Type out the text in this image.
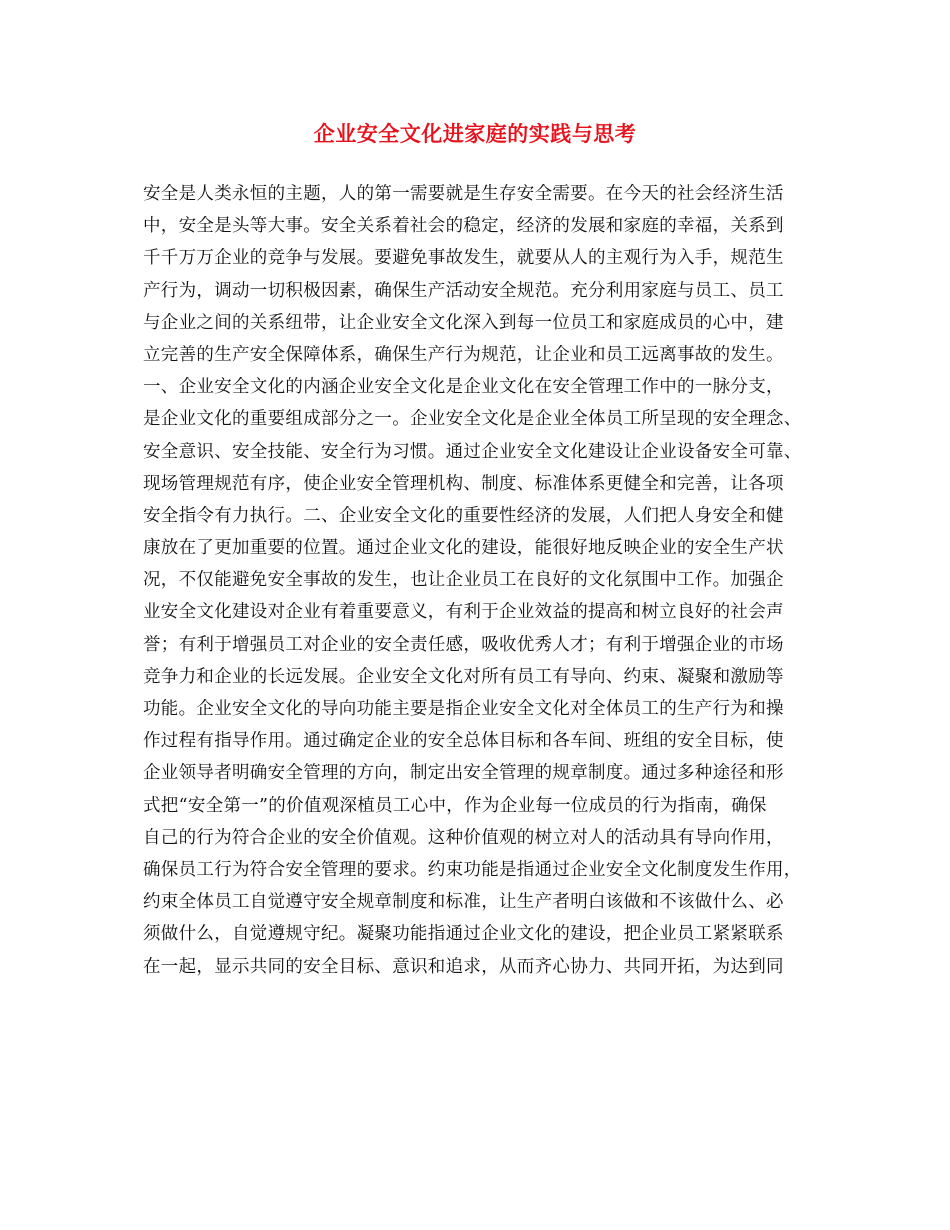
企业安全文化进家庭的实践与思考
安全是人类永恒的主题，人的第一需要就是生存安全需要。在今天的社会经济生活
中，安全是头等大事。安全关系着社会的稳定，经济的发展和家庭的幸福，关系到
千千万万企业的竞争与发展。要避免事故发生，就要从人的主观行为入手，规范生
产行为，调动一切积极因素，确保生产活动安全规范。充分利用家庭与员工、员工
与企业之间的关系纽带，让企业安全文化深入到每一位员工和家庭成员的心中，建
立完善的生产安全保障体系，确保生产行为规范，让企业和员工远离事故的发生。
一、企业安全文化的内涵企业安全文化是企业文化在安全管理工作中的一脉分支，
是企业文化的重要组成部分之一。企业安全文化是企业全体员工所呈现的安全理念、
安全意识、安全技能、安全行为习惯。通过企业安全文化建设让企业设备安全可靠、
现场管理规范有序，使企业安全管理机构、制度、标准体系更健全和完善，让各项
安全指令有力执行。二、企业安全文化的重要性经济的发展，人们把人身安全和健
康放在了更加重要的位置。通过企业文化的建设，能很好地反映企业的安全生产状
况，不仅能避免安全事故的发生，也让企业员工在良好的文化氛围中工作。加强企
业安全文化建设对企业有着重要意义，有利于企业效益的提高和树立良好的社会声
誉；有利于增强员工对企业的安全责任感，吸收优秀人才；有利于增强企业的市场
竞争力和企业的长远发展。企业安全文化对所有员工有导向、约束、凝聚和激励等
功能。企业安全文化的导向功能主要是指企业安全文化对全体员工的生产行为和操
作过程有指导作用。通过确定企业的安全总体目标和各车间、班组的安全目标，使
企业领导者明确安全管理的方向，制定出安全管理的规章制度。通过多种途径和形
式把“安全第一”的价值观深植员工心中，作为企业每一位成员的行为指南，确保
自己的行为符合企业的安全价值观。这种价值观的树立对人的活动具有导向作用，
确保员工行为符合安全管理的要求。约束功能是指通过企业安全文化制度发生作用，
约束全体员工自觉遵守安全规章制度和标准，让生产者明白该做和不该做什么、必
须做什么，自觉遵规守纪。凝聚功能指通过企业文化的建设，把企业员工紧紧联系
在一起，显示共同的安全目标、意识和追求，从而齐心协力、共同开拓，为达到同
